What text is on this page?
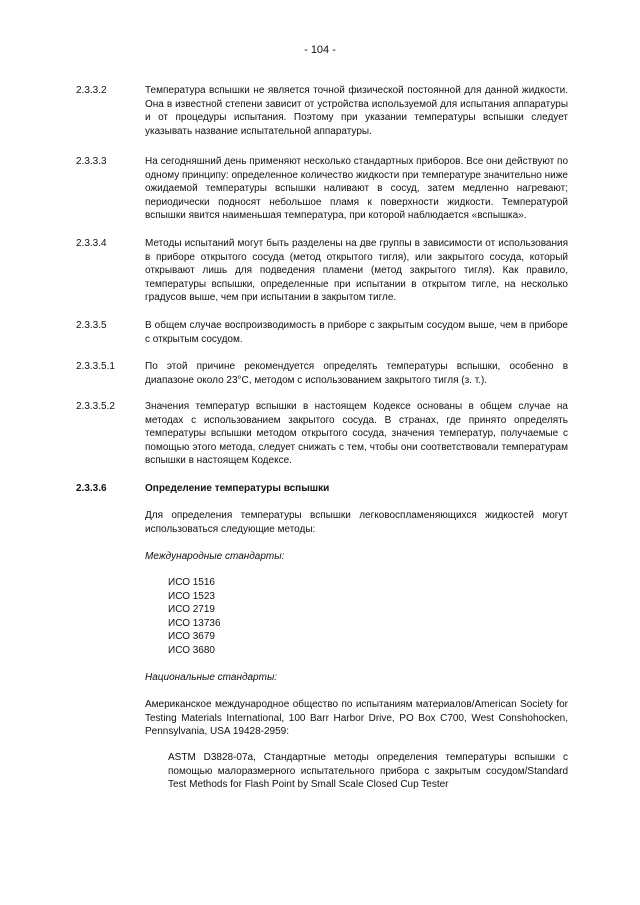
- 104 -
2.3.3.2	Температура вспышки не является точной физической постоянной для данной жидкости. Она в известной степени зависит от устройства используемой для испытания аппаратуры и от процедуры испытания. Поэтому при указании температуры вспышки следует указывать название испытательной аппаратуры.
2.3.3.3	На сегодняшний день применяют несколько стандартных приборов. Все они действуют по одному принципу: определенное количество жидкости при температуре значительно ниже ожидаемой температуры вспышки наливают в сосуд, затем медленно нагревают; периодически подносят небольшое пламя к поверхности жидкости. Температурой вспышки явится наименьшая температура, при которой наблюдается «вспышка».
2.3.3.4	Методы испытаний могут быть разделены на две группы в зависимости от использования в приборе открытого сосуда (метод открытого тигля), или закрытого сосуда, который открывают лишь для подведения пламени (метод закрытого тигля). Как правило, температуры вспышки, определенные при испытании в открытом тигле, на несколько градусов выше, чем при испытании в закрытом тигле.
2.3.3.5	В общем случае воспроизводимость в приборе с закрытым сосудом выше, чем в приборе с открытым сосудом.
2.3.3.5.1	По этой причине рекомендуется определять температуры вспышки, особенно в диапазоне около 23°C, методом с использованием закрытого тигля (з. т.).
2.3.3.5.2	Значения температур вспышки в настоящем Кодексе основаны в общем случае на методах с использованием закрытого сосуда. В странах, где принято определять температуры вспышки методом открытого сосуда, значения температур, получаемые с помощью этого метода, следует снижать с тем, чтобы они соответствовали температурам вспышки в настоящем Кодексе.
2.3.3.6	Определение температуры вспышки
Для определения температуры вспышки легковоспламеняющихся жидкостей могут использоваться следующие методы:
Международные стандарты:
ИСО 1516
ИСО 1523
ИСО 2719
ИСО 13736
ИСО 3679
ИСО 3680
Национальные стандарты:
Американское международное общество по испытаниям материалов/American Society for Testing Materials International, 100 Barr Harbor Drive, PO Box C700, West Conshohocken, Pennsylvania, USA 19428-2959:
ASTM D3828-07a, Стандартные методы определения температуры вспышки с помощью малоразмерного испытательного прибора с закрытым сосудом/Standard Test Methods for Flash Point by Small Scale Closed Cup Tester
